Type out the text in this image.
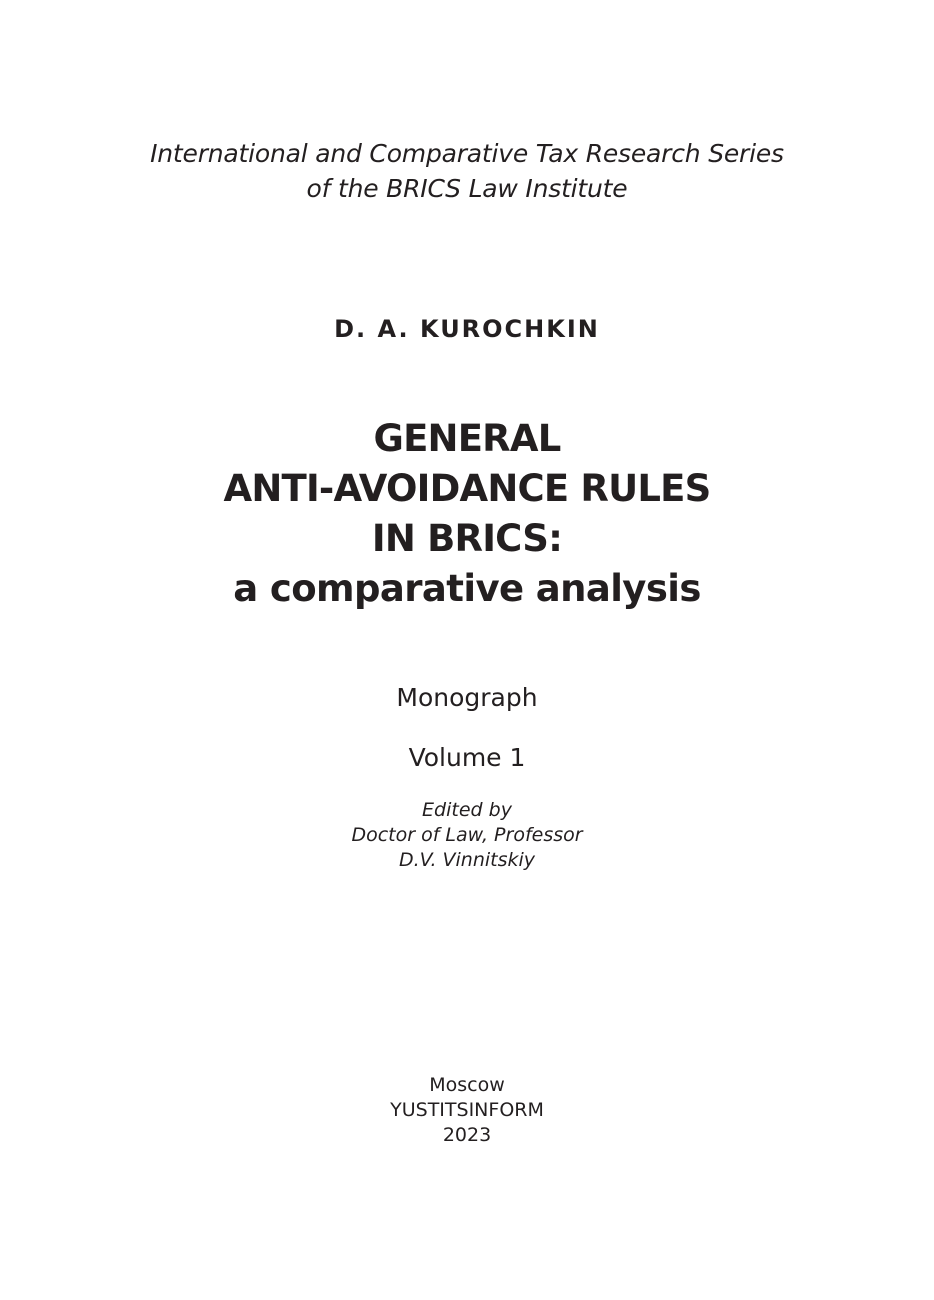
International and Comparative Tax Research Series
of the BRICS Law Institute
D. A. KUROCHKIN
GENERAL
ANTI-AVOIDANCE RULES
IN BRICS:
a comparative analysis
Monograph
Volume 1
Edited by
Doctor of Law, Professor
D.V. Vinnitskiy
Moscow
YUSTITSINFORM
2023
